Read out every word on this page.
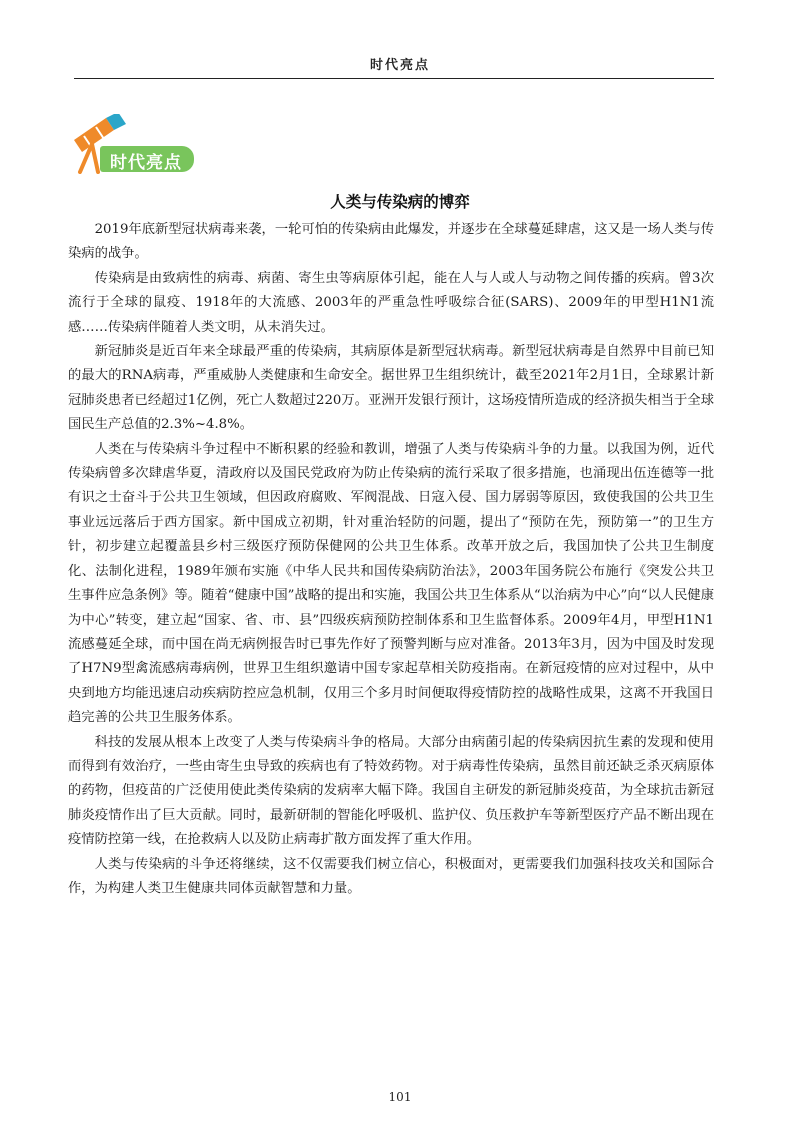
时代亮点
时代亮点
人类与传染病的博弈

2019年底新型冠状病毒来袭，一轮可怕的传染病由此爆发，并逐步在全球蔓延肆虐，这又是一场人类与传染病的战争。

传染病是由致病性的病毒、病菌、寄生虫等病原体引起，能在人与人或人与动物之间传播的疾病。曾3次流行于全球的鼠疫、1918年的大流感、2003年的严重急性呼吸综合征(SARS)、2009年的甲型H1N1流感……传染病伴随着人类文明，从未消失过。

新冠肺炎是近百年来全球最严重的传染病，其病原体是新型冠状病毒。新型冠状病毒是自然界中目前已知的最大的RNA病毒，严重威胁人类健康和生命安全。据世界卫生组织统计，截至2021年2月1日，全球累计新冠肺炎患者已经超过1亿例，死亡人数超过220万。亚洲开发银行预计，这场疫情所造成的经济损失相当于全球国民生产总值的2.3%~4.8%。

人类在与传染病斗争过程中不断积累的经验和教训，增强了人类与传染病斗争的力量。以我国为例，近代传染病曾多次肆虐华夏，清政府以及国民党政府为防止传染病的流行采取了很多措施，也涌现出伍连德等一批有识之士奋斗于公共卫生领域，但因政府腐败、军阀混战、日寇入侵、国力孱弱等原因，致使我国的公共卫生事业远远落后于西方国家。新中国成立初期，针对重治轻防的问题，提出了“预防在先，预防第一”的卫生方针，初步建立起覆盖县乡村三级医疗预防保健网的公共卫生体系。改革开放之后，我国加快了公共卫生制度化、法制化进程，1989年颁布实施《中华人民共和国传染病防治法》，2003年国务院公布施行《突发公共卫生事件应急条例》等。随着“健康中国”战略的提出和实施，我国公共卫生体系从“以治病为中心”向“以人民健康为中心”转变，建立起“国家、省、市、县”四级疾病预防控制体系和卫生监督体系。2009年4月，甲型H1N1流感蔓延全球，而中国在尚无病例报告时已事先作好了预警判断与应对准备。2013年3月，因为中国及时发现了H7N9型禽流感病毒病例，世界卫生组织邀请中国专家起草相关防疫指南。在新冠疫情的应对过程中，从中央到地方均能迅速启动疾病防控应急机制，仅用三个多月时间便取得疫情防控的战略性成果，这离不开我国日趋完善的公共卫生服务体系。

科技的发展从根本上改变了人类与传染病斗争的格局。大部分由病菌引起的传染病因抗生素的发现和使用而得到有效治疗，一些由寄生虫导致的疾病也有了特效药物。对于病毒性传染病，虽然目前还缺乏杀灭病原体的药物，但疫苗的广泛使用使此类传染病的发病率大幅下降。我国自主研发的新冠肺炎疫苗，为全球抗击新冠肺炎疫情作出了巨大贡献。同时，最新研制的智能化呼吸机、监护仪、负压救护车等新型医疗产品不断出现在疫情防控第一线，在抢救病人以及防止病毒扩散方面发挥了重大作用。

人类与传染病的斗争还将继续，这不仅需要我们树立信心，积极面对，更需要我们加强科技攻关和国际合作，为构建人类卫生健康共同体贡献智慧和力量。

101
